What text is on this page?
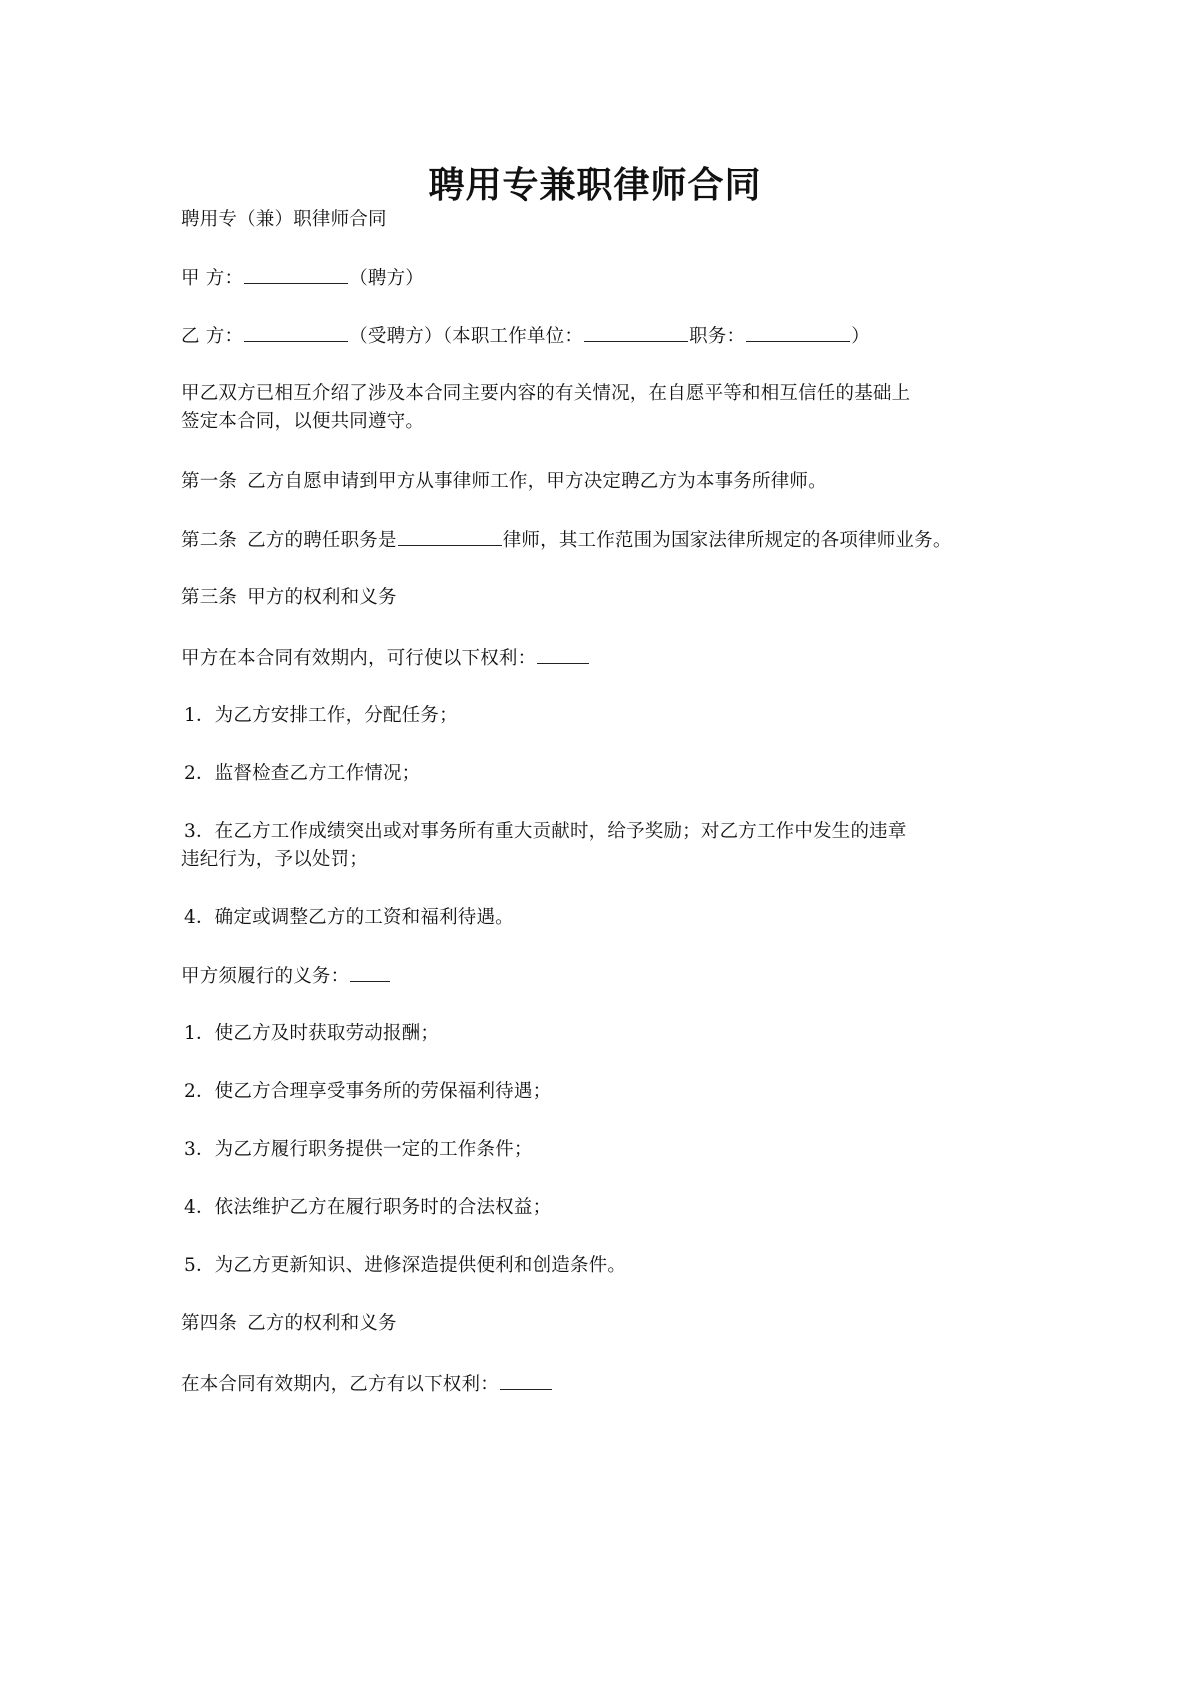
聘用专兼职律师合同
聘用专（兼）职律师合同
甲 方：	（聘方）
乙 方：	（受聘方）（本职工作单位：	职务：	）
甲乙双方已相互介绍了涉及本合同主要内容的有关情况，在自愿平等和相互信任的基础上
签定本合同，以便共同遵守。
第一条 乙方自愿申请到甲方从事律师工作，甲方决定聘乙方为本事务所律师。
第二条 乙方的聘任职务是	律师，其工作范围为国家法律所规定的各项律师业务。
第三条 甲方的权利和义务
甲方在本合同有效期内，可行使以下权利：
1．为乙方安排工作，分配任务；
2．监督检查乙方工作情况；
3．在乙方工作成绩突出或对事务所有重大贡献时，给予奖励；对乙方工作中发生的违章
违纪行为，予以处罚；
4．确定或调整乙方的工资和福利待遇。
甲方须履行的义务：
1．使乙方及时获取劳动报酬；
2．使乙方合理享受事务所的劳保福利待遇；
3．为乙方履行职务提供一定的工作条件；
4．依法维护乙方在履行职务时的合法权益；
5．为乙方更新知识、进修深造提供便利和创造条件。
第四条 乙方的权利和义务
在本合同有效期内，乙方有以下权利：
